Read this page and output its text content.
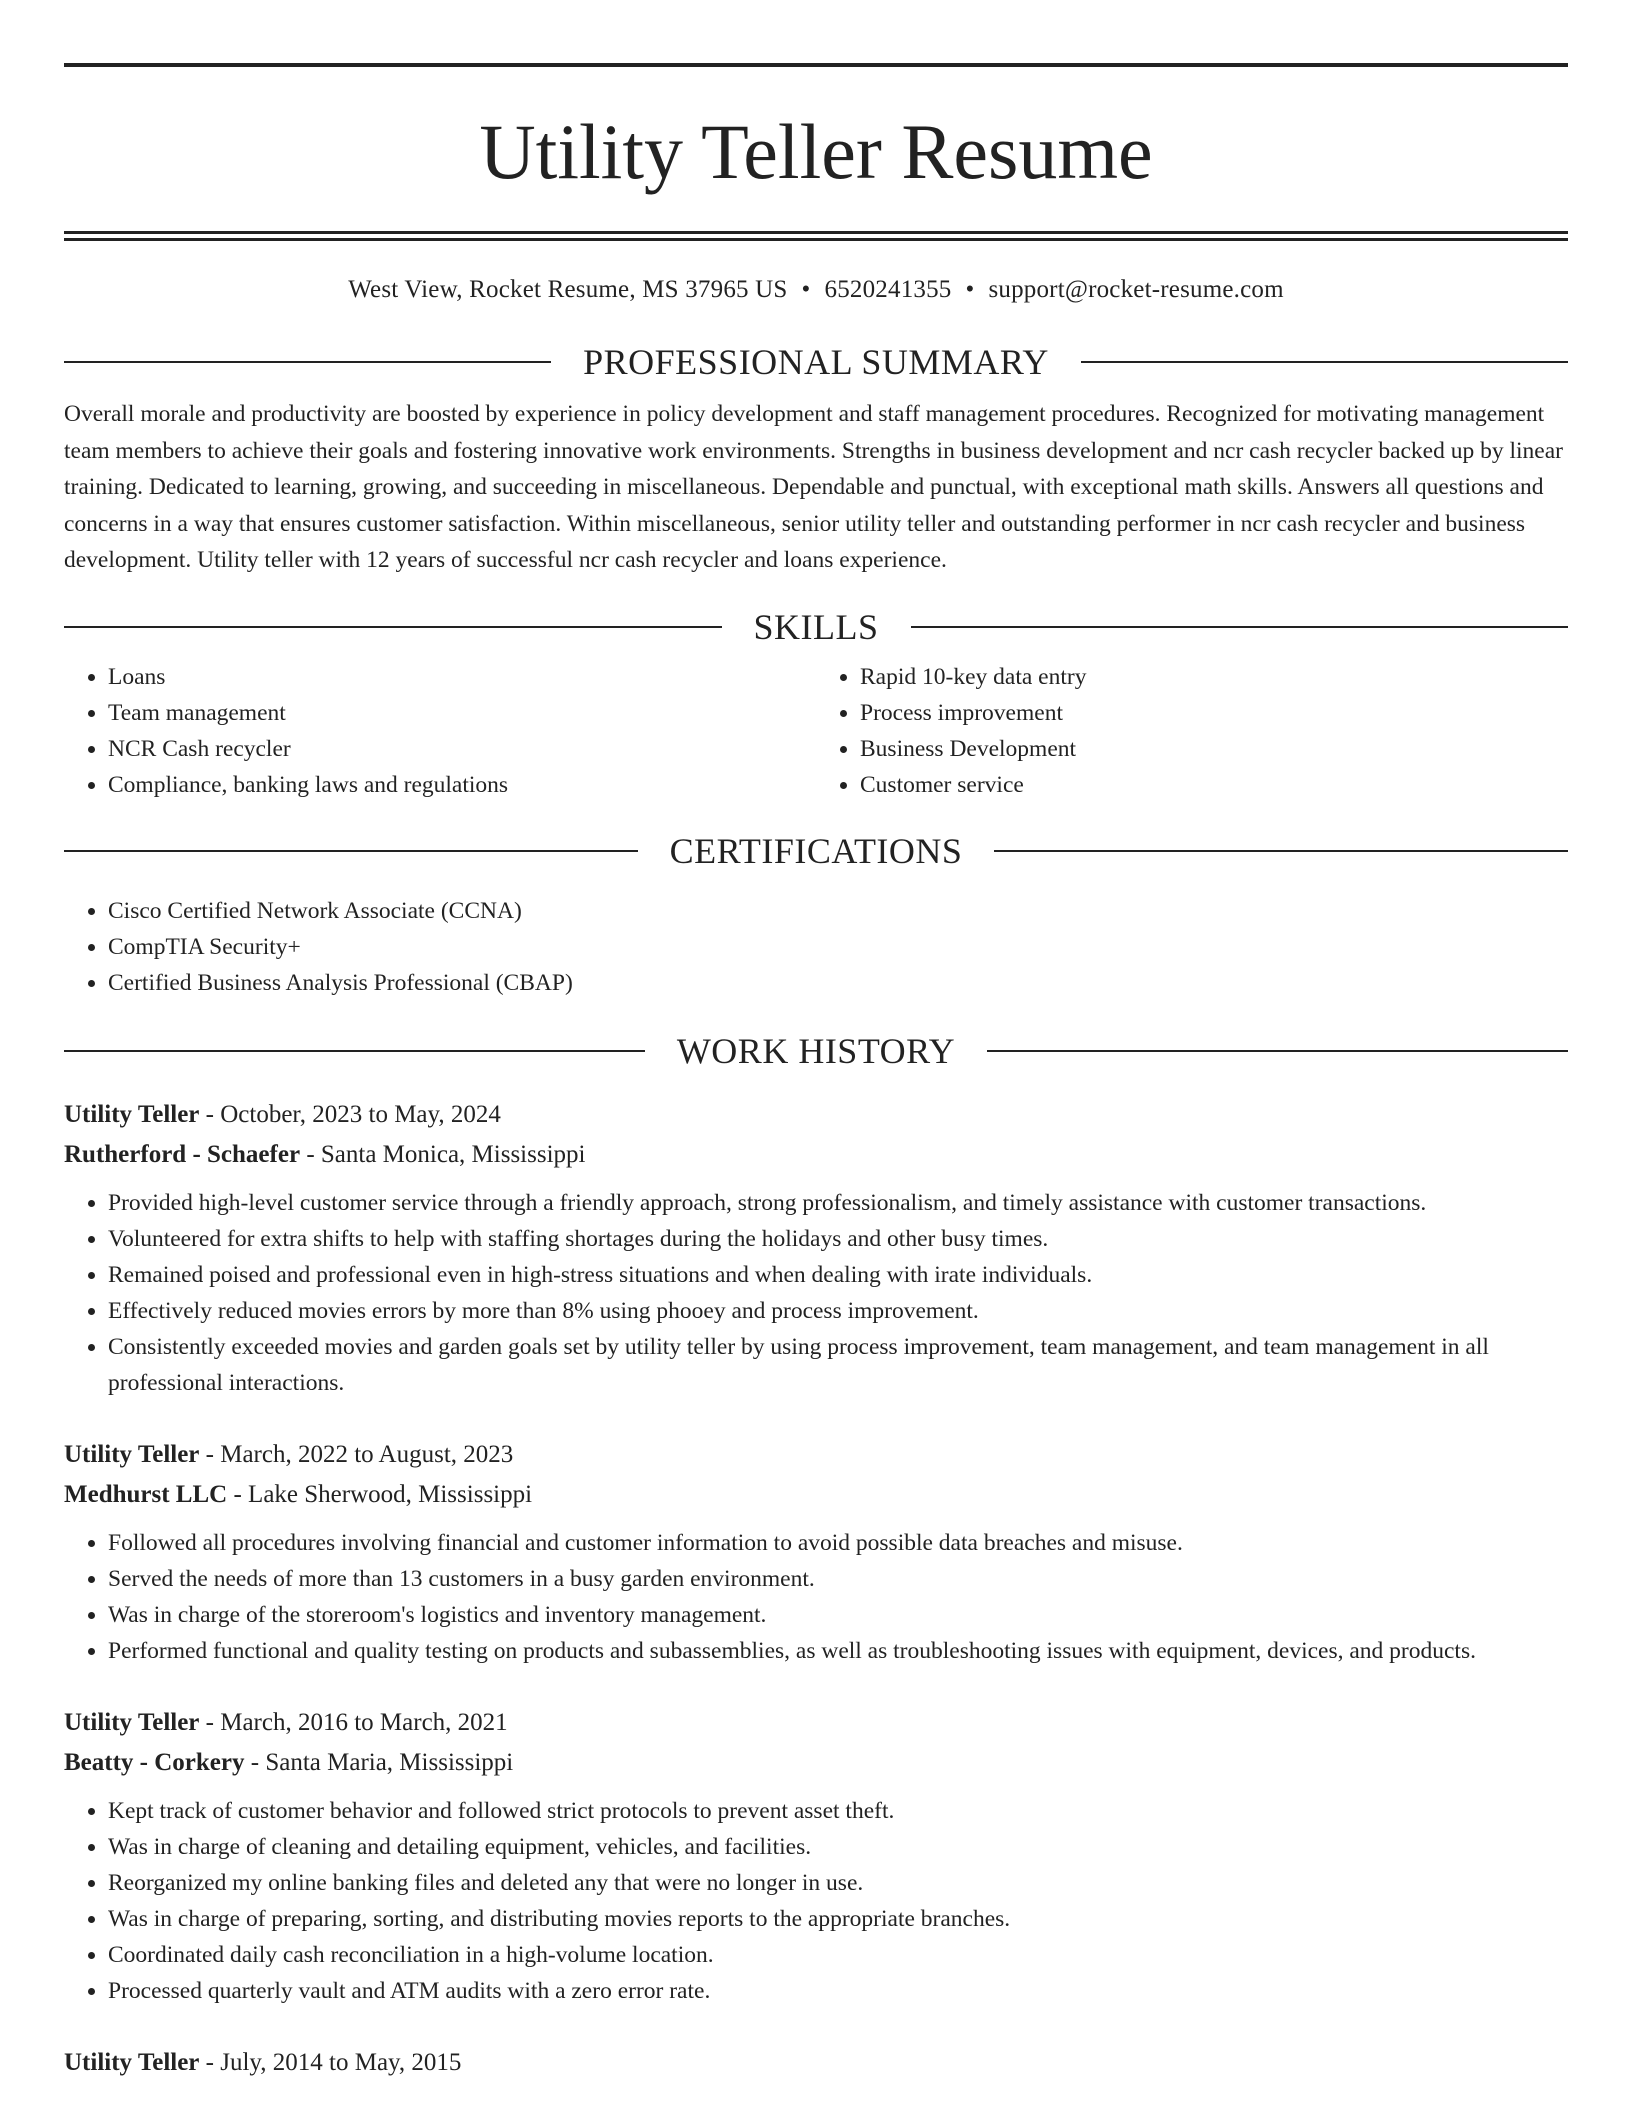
Utility Teller Resume
West View, Rocket Resume, MS 37965 US • 6520241355 • support@rocket-resume.com
PROFESSIONAL SUMMARY

Overall morale and productivity are boosted by experience in policy development and staff management procedures. Recognized for motivating management team members to achieve their goals and fostering innovative work environments. Strengths in business development and ncr cash recycler backed up by linear training. Dedicated to learning, growing, and succeeding in miscellaneous. Dependable and punctual, with exceptional math skills. Answers all questions and concerns in a way that ensures customer satisfaction. Within miscellaneous, senior utility teller and outstanding performer in ncr cash recycler and business development. Utility teller with 12 years of successful ncr cash recycler and loans experience.

SKILLS
• Loans
• Team management
• NCR Cash recycler
• Compliance, banking laws and regulations
• Rapid 10-key data entry
• Process improvement
• Business Development
• Customer service
CERTIFICATIONS
• Cisco Certified Network Associate (CCNA)
• CompTIA Security+
• Certified Business Analysis Professional (CBAP)
WORK HISTORY
Utility Teller - October, 2023 to May, 2024
Rutherford - Schaefer - Santa Monica, Mississippi
• Provided high-level customer service through a friendly approach, strong professionalism, and timely assistance with customer transactions.
• Volunteered for extra shifts to help with staffing shortages during the holidays and other busy times.
• Remained poised and professional even in high-stress situations and when dealing with irate individuals.
• Effectively reduced movies errors by more than 8% using phooey and process improvement.
• Consistently exceeded movies and garden goals set by utility teller by using process improvement, team management, and team management in all professional interactions.
Utility Teller - March, 2022 to August, 2023
Medhurst LLC - Lake Sherwood, Mississippi
• Followed all procedures involving financial and customer information to avoid possible data breaches and misuse.
• Served the needs of more than 13 customers in a busy garden environment.
• Was in charge of the storeroom's logistics and inventory management.
• Performed functional and quality testing on products and subassemblies, as well as troubleshooting issues with equipment, devices, and products.
Utility Teller - March, 2016 to March, 2021
Beatty - Corkery - Santa Maria, Mississippi
• Kept track of customer behavior and followed strict protocols to prevent asset theft.
• Was in charge of cleaning and detailing equipment, vehicles, and facilities.
• Reorganized my online banking files and deleted any that were no longer in use.
• Was in charge of preparing, sorting, and distributing movies reports to the appropriate branches.
• Coordinated daily cash reconciliation in a high-volume location.
• Processed quarterly vault and ATM audits with a zero error rate.
Utility Teller - July, 2014 to May, 2015
